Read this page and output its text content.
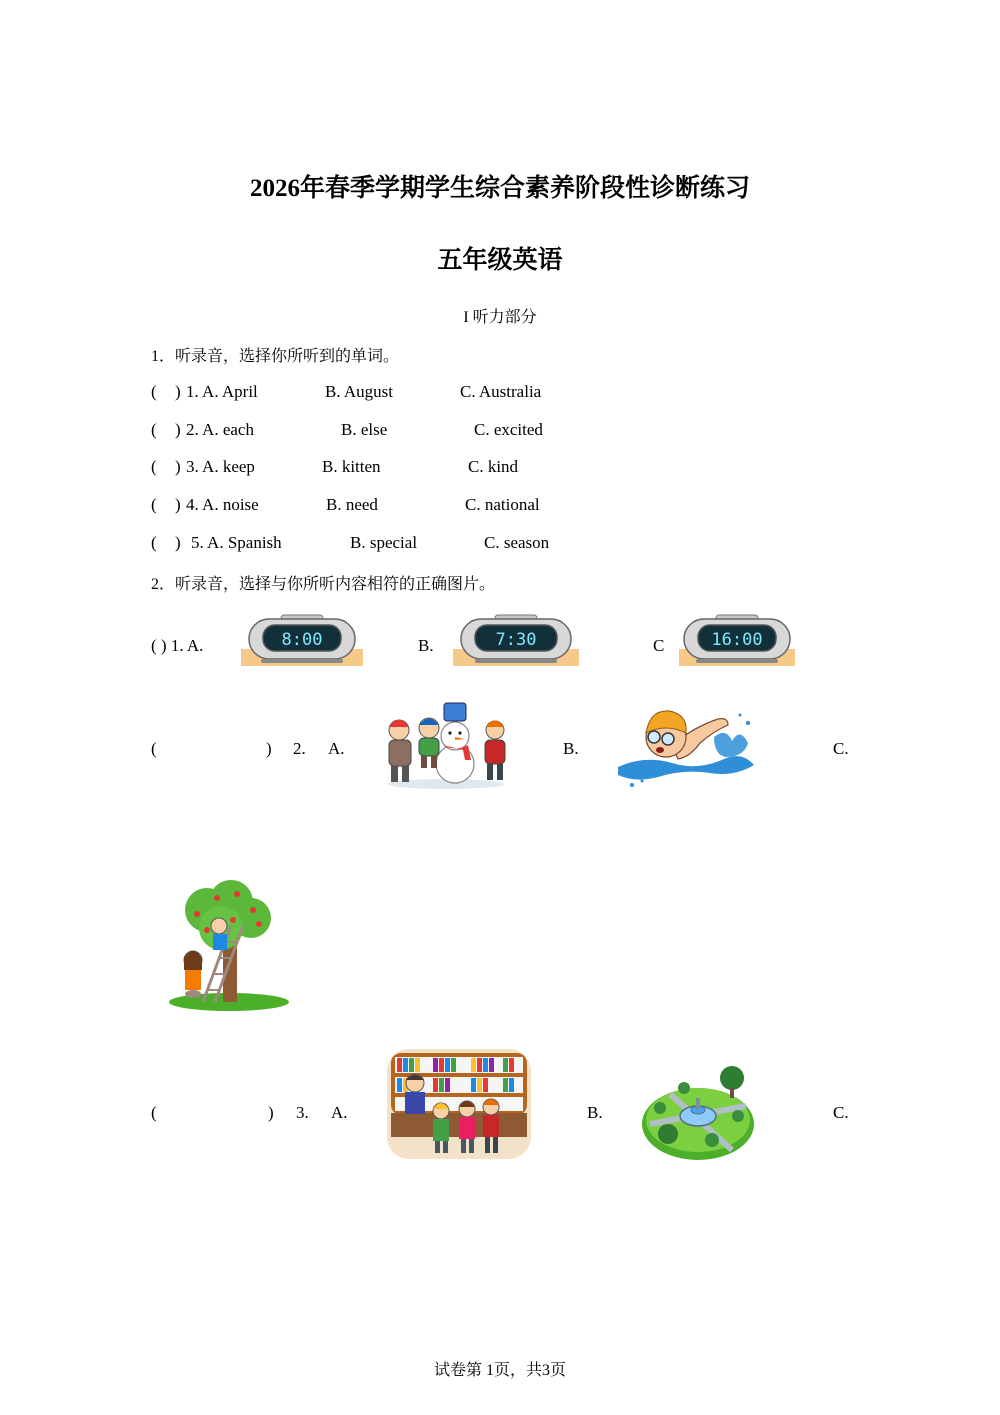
2026年春季学期学生综合素养阶段性诊断练习
五年级英语
I 听力部分
1．听录音，选择你所听到的单词。
( ) 1. A. April	B. August	C. Australia
( ) 2. A. each	B. else	C. excited
( ) 3. A. keep	B. kitten	C. kind
( ) 4. A. noise	B. need	C. national
( ) 5. A. Spanish	B. special	C. season
2．听录音，选择与你所听内容相符的正确图片。
( ) 1. A.	B.	C
8:00	7:30	16:00
(	) 2. A.	B.	C.
(	) 3. A.	B.	C.
试卷第 1页，共3页
